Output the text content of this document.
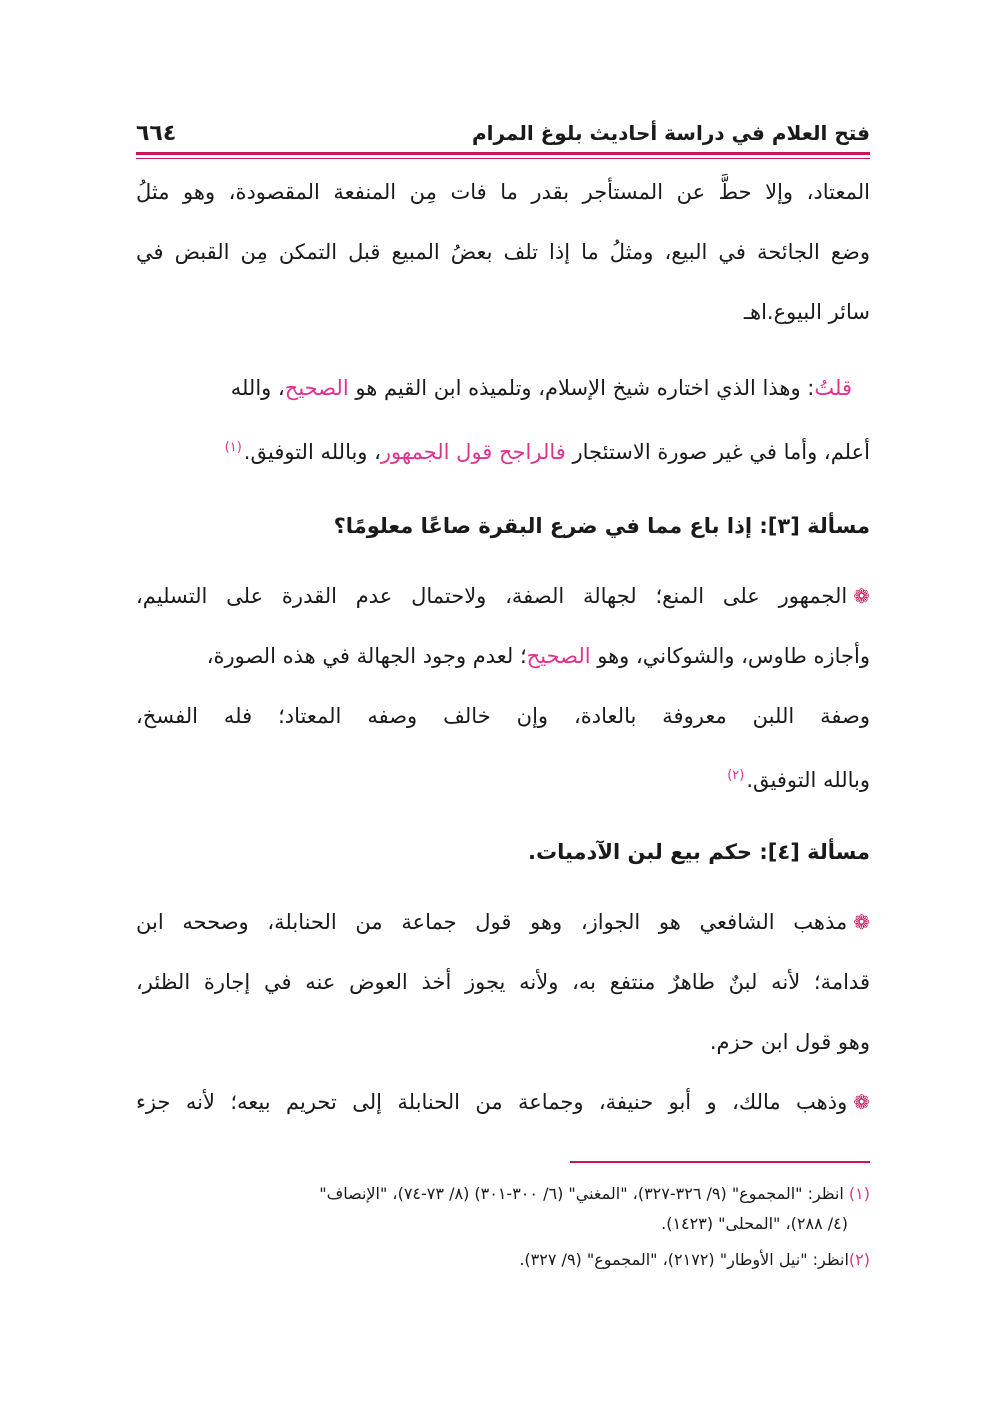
فتح العلام في دراسة أحاديث بلوغ المرام
٦٦٤
المعتاد، وإلا حطَّ عن المستأجر بقدر ما فات مِن المنفعة المقصودة، وهو مثلُ
وضع الجائحة في البيع، ومثلُ ما إذا تلف بعضُ المبيع قبل التمكن مِن القبض في
سائر البيوع.اهـ
قلتُ: وهذا الذي اختاره شيخ الإسلام، وتلميذه ابن القيم هو الصحيح، والله
أعلم، وأما في غير صورة الاستئجار فالراجح قول الجمهور، وبالله التوفيق.$^{(١)}$
مسألة [٣]: إذا باع مما في ضرع البقرة صاعًا معلومًا؟
❁الجمهور على المنع؛ لجهالة الصفة، ولاحتمال عدم القدرة على التسليم،
وأجازه طاوس، والشوكاني، وهو الصحيح؛ لعدم وجود الجهالة في هذه الصورة،
وصفة اللبن معروفة بالعادة، وإن خالف وصفه المعتاد؛ فله الفسخ،
وبالله التوفيق.$^{(٢)}$
مسألة [٤]: حكم بيع لبن الآدميات.
❁مذهب الشافعي هو الجواز، وهو قول جماعة من الحنابلة، وصححه ابن
قدامة؛ لأنه لبنٌ طاهرٌ منتفع به، ولأنه يجوز أخذ العوض عنه في إجارة الظئر،
وهو قول ابن حزم.
❁وذهب مالك، و أبو حنيفة، وجماعة من الحنابلة إلى تحريم بيعه؛ لأنه جزء
(١) انظر: "المجموع" (٩/ ٣٢٦-٣٢٧)، "المغني" (٦/ ٣٠٠-٣٠١) (٨/ ٧٣-٧٤)، "الإنصاف"
(٤/ ٢٨٨)، "المحلى" (١٤٢٣).
(٢)انظر: "نيل الأوطار" (٢١٧٢)، "المجموع" (٩/ ٣٢٧).
